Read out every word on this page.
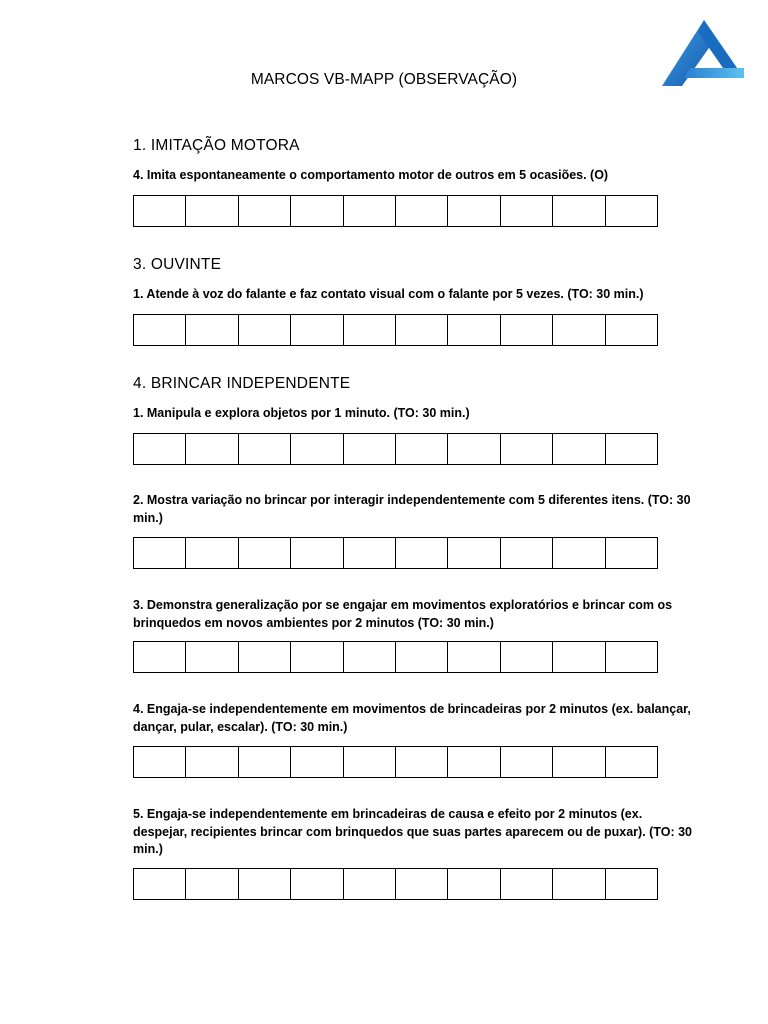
MARCOS VB-MAPP (OBSERVAÇÃO)
1. IMITAÇÃO MOTORA
4. Imita espontaneamente o comportamento motor de outros em 5 ocasiões. (O)
3. OUVINTE
1. Atende à voz do falante e faz contato visual com o falante por 5 vezes. (TO: 30 min.)
4. BRINCAR INDEPENDENTE
1. Manipula e explora objetos por 1 minuto. (TO: 30 min.)
2. Mostra variação no brincar por interagir independentemente com 5 diferentes itens. (TO: 30 min.)
3. Demonstra generalização por se engajar em movimentos exploratórios e brincar com os brinquedos em novos ambientes por 2 minutos (TO: 30 min.)
4. Engaja-se independentemente em movimentos de brincadeiras por 2 minutos (ex. balançar, dançar, pular, escalar). (TO: 30 min.)
5. Engaja-se independentemente em brincadeiras de causa e efeito por 2 minutos (ex. despejar, recipientes brincar com brinquedos que suas partes aparecem ou de puxar). (TO: 30 min.)
